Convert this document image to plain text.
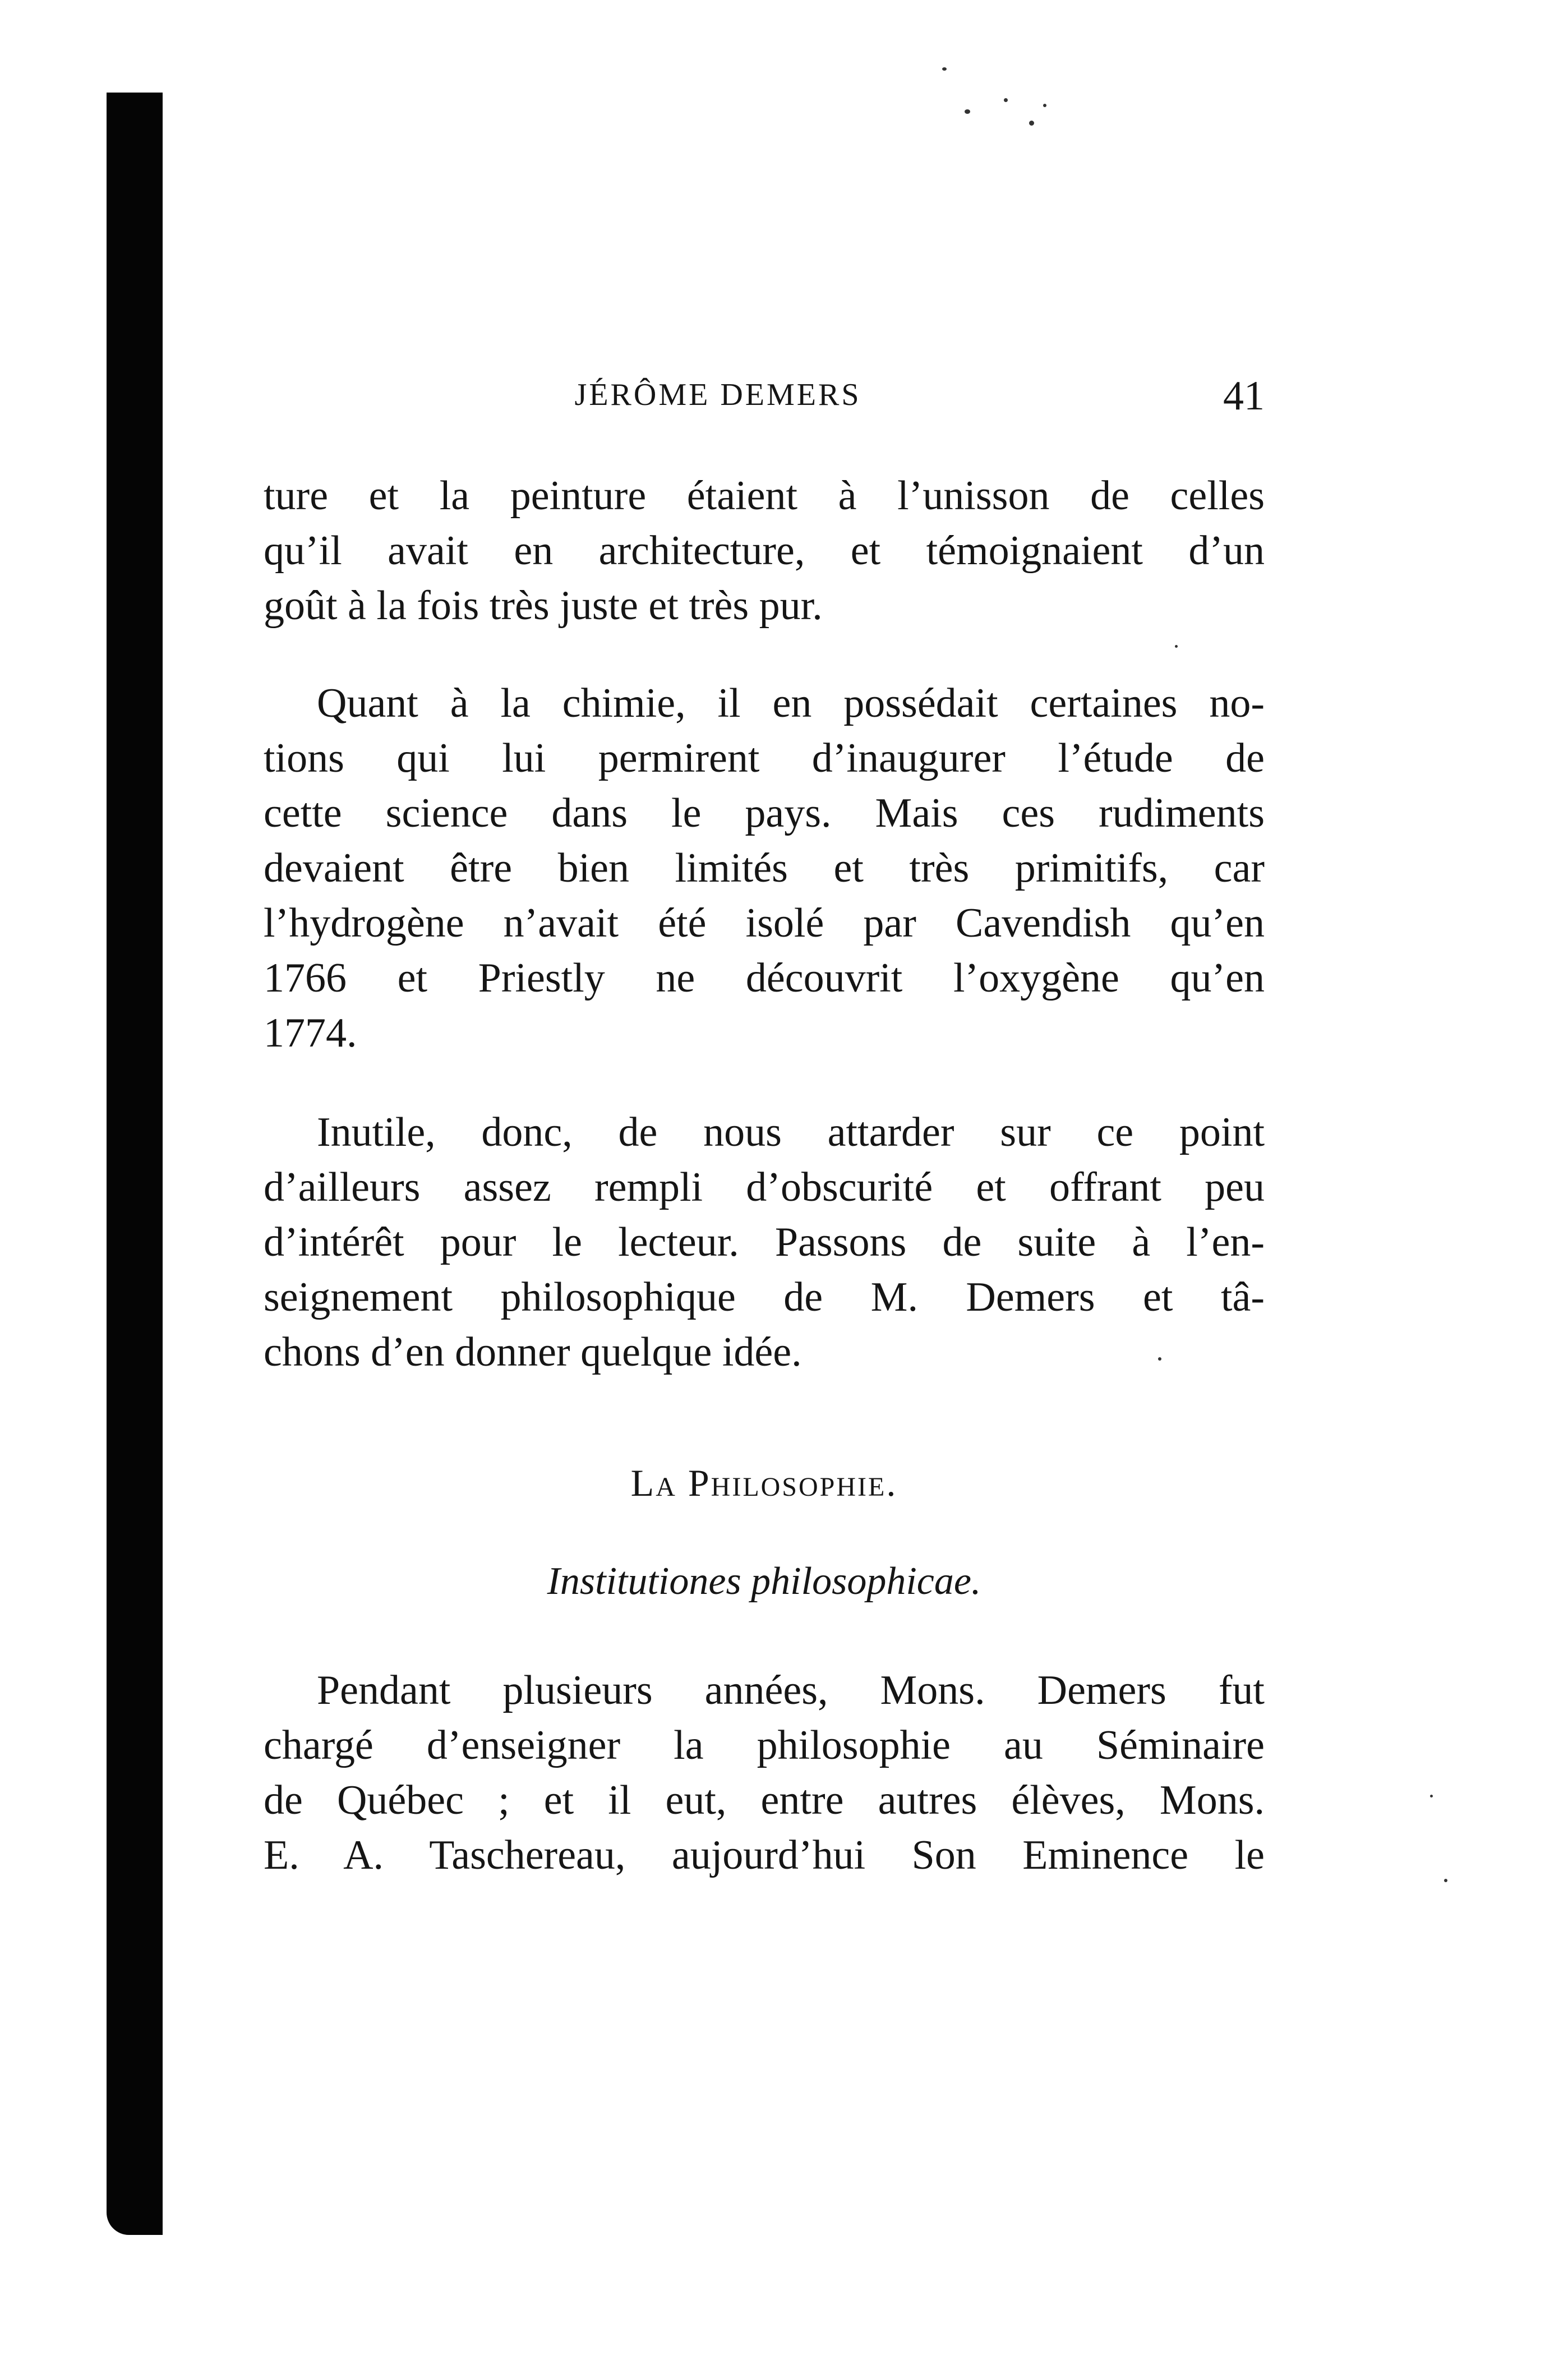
JÉRÔME DEMERS	41
ture et la peinture étaient à l’unisson de celles
qu’il avait en architecture, et témoignaient d’un
goût à la fois très juste et très pur.
Quant à la chimie, il en possédait certaines no-
tions qui lui permirent d’inaugurer l’étude de
cette science dans le pays. Mais ces rudiments
devaient être bien limités et très primitifs, car
l’hydrogène n’avait été isolé par Cavendish qu’en
1766 et Priestly ne découvrit l’oxygène qu’en
1774.
Inutile, donc, de nous attarder sur ce point
d’ailleurs assez rempli d’obscurité et offrant peu
d’intérêt pour le lecteur. Passons de suite à l’en-
seignement philosophique de M. Demers et tâ-
chons d’en donner quelque idée.
La Philosophie.
Institutiones philosophicae.
Pendant plusieurs années, Mons. Demers fut
chargé d’enseigner la philosophie au Séminaire
de Québec ; et il eut, entre autres élèves, Mons.
E. A. Taschereau, aujourd’hui Son Eminence le
